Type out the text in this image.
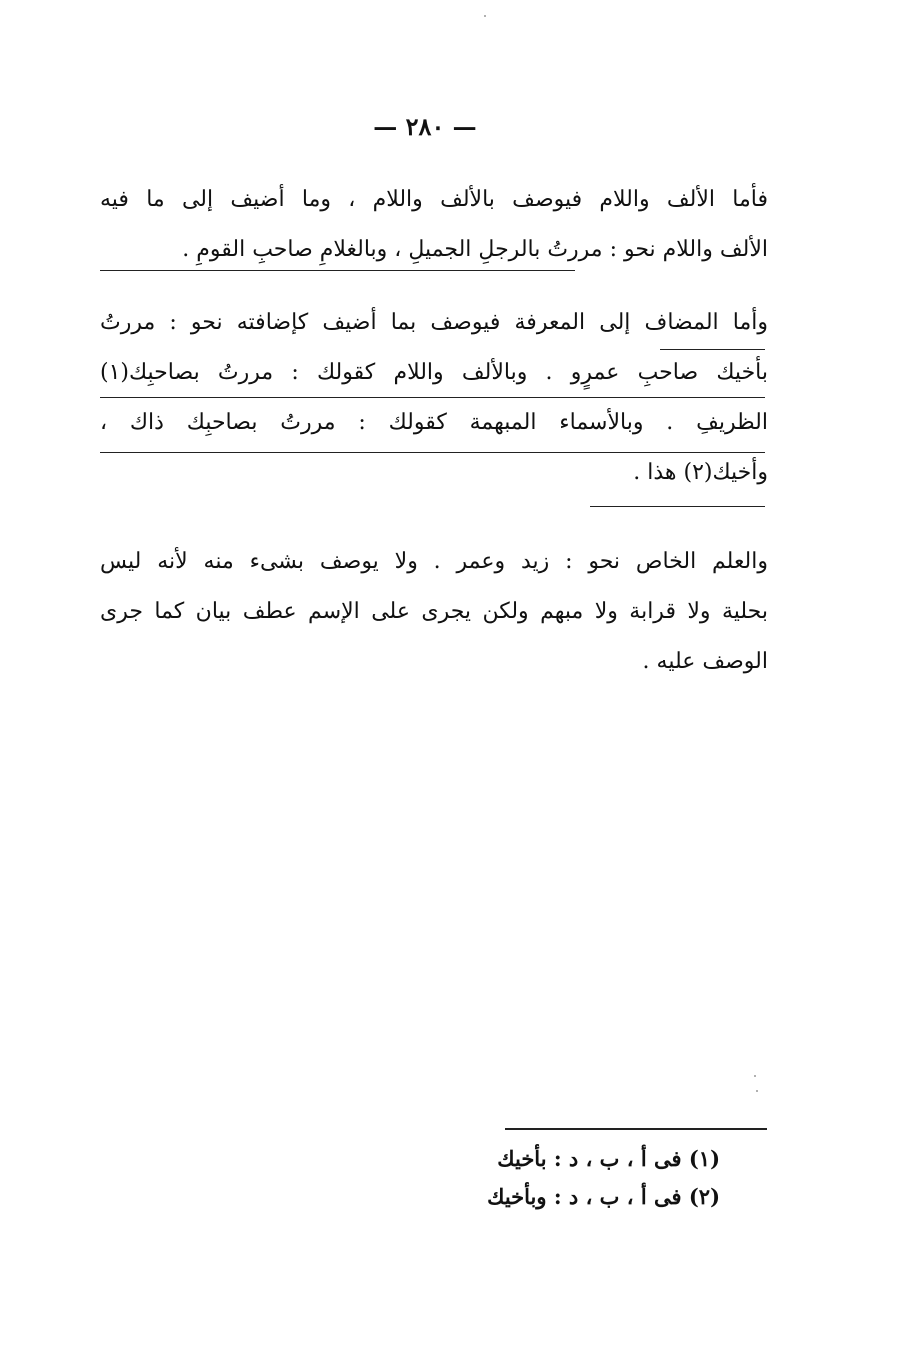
— ٢٨٠ —
فأما الألف واللام فيوصف بالألف واللام ، وما أضيف إلى ما فيه
الألف واللام نحو : مررتُ بالرجلِ الجميلِ ، وبالغلامِ صاحبِ القومِ .
وأما المضاف إلى المعرفة فيوصف بما أضيف كإضافته نحو : مررتُ
بأخيك صاحبِ عمرٍو . وبالألف واللام كقولك : مررتُ بصاحبِك(١)
الظريفِ . وبالأسماء المبهمة كقولك : مررتُ بصاحبِك ذاك ،
وأخيك(٢) هذا .
والعلم الخاص نحو : زيد وعمر . ولا يوصف بشىء منه لأنه ليس
بحلية ولا قرابة ولا مبهم ولكن يجرى على الإسم عطف بيان كما جرى
الوصف عليه .
(١) فى أ ، ب ، د : بأخيك
(٢) فى أ ، ب ، د : وبأخيك
